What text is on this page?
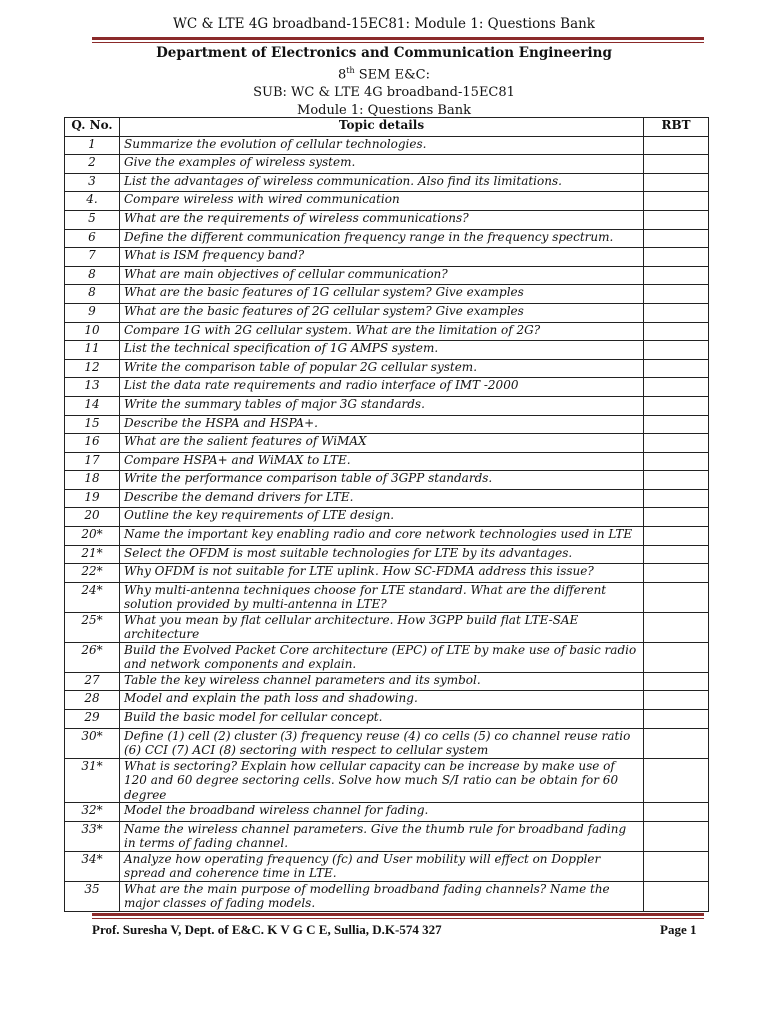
WC & LTE 4G broadband-15EC81: Module 1: Questions Bank
Department of Electronics and Communication Engineering
8th SEM E&C:
SUB: WC & LTE 4G broadband-15EC81
Module 1: Questions Bank
Q. No.	Topic details	RBT
1	Summarize the evolution of cellular technologies.	
2	Give the examples of wireless system.	
3	List the advantages of wireless communication. Also find its limitations.	
4.	Compare wireless with wired communication	
5	What are the requirements of wireless communications?	
6	Define the different communication frequency range in the frequency spectrum.	
7	What is ISM frequency band?	
8	What are main objectives of cellular communication?	
8	What are the basic features of 1G cellular system? Give examples	
9	What are the basic features of 2G cellular system? Give examples	
10	Compare 1G with 2G cellular system. What are the limitation of 2G?	
11	List the technical specification of 1G AMPS system.	
12	Write the comparison table of popular 2G cellular system.	
13	List the data rate requirements and radio interface of IMT -2000	
14	Write the summary tables of major 3G standards.	
15	Describe the HSPA and HSPA+.	
16	What are the salient features of WiMAX	
17	Compare HSPA+ and WiMAX to LTE.	
18	Write the performance comparison table of 3GPP standards.	
19	Describe the demand drivers for LTE.	
20	Outline the key requirements of LTE design.	
20*	Name the important key enabling radio and core network technologies used in LTE	
21*	Select the OFDM is most suitable technologies for LTE by its advantages.	
22*	Why OFDM is not suitable for LTE uplink. How SC-FDMA address this issue?	
24*	Why multi-antenna techniques choose for LTE standard. What are the different solution provided by multi-antenna in LTE?	
25*	What you mean by flat cellular architecture. How 3GPP build flat LTE-SAE architecture	
26*	Build the Evolved Packet Core architecture (EPC) of LTE by make use of basic radio and network components and explain.	
27	Table the key wireless channel parameters and its symbol.	
28	Model and explain the path loss and shadowing.	
29	Build the basic model for cellular concept.	
30*	Define (1) cell (2) cluster (3) frequency reuse (4) co cells (5) co channel reuse ratio (6) CCI (7) ACI (8) sectoring with respect to cellular system	
31*	What is sectoring? Explain how cellular capacity can be increase by make use of 120 and 60 degree sectoring cells. Solve how much S/I ratio can be obtain for 60 degree	
32*	Model the broadband wireless channel for fading.	
33*	Name the wireless channel parameters. Give the thumb rule for broadband fading in terms of fading channel.	
34*	Analyze how operating frequency (fc) and User mobility will effect on Doppler spread and coherence time in LTE.	
35	What are the main purpose of modelling broadband fading channels? Name the major classes of fading models.	
Prof. Suresha V, Dept. of E&C. K V G C E, Sullia, D.K-574 327	Page 1
